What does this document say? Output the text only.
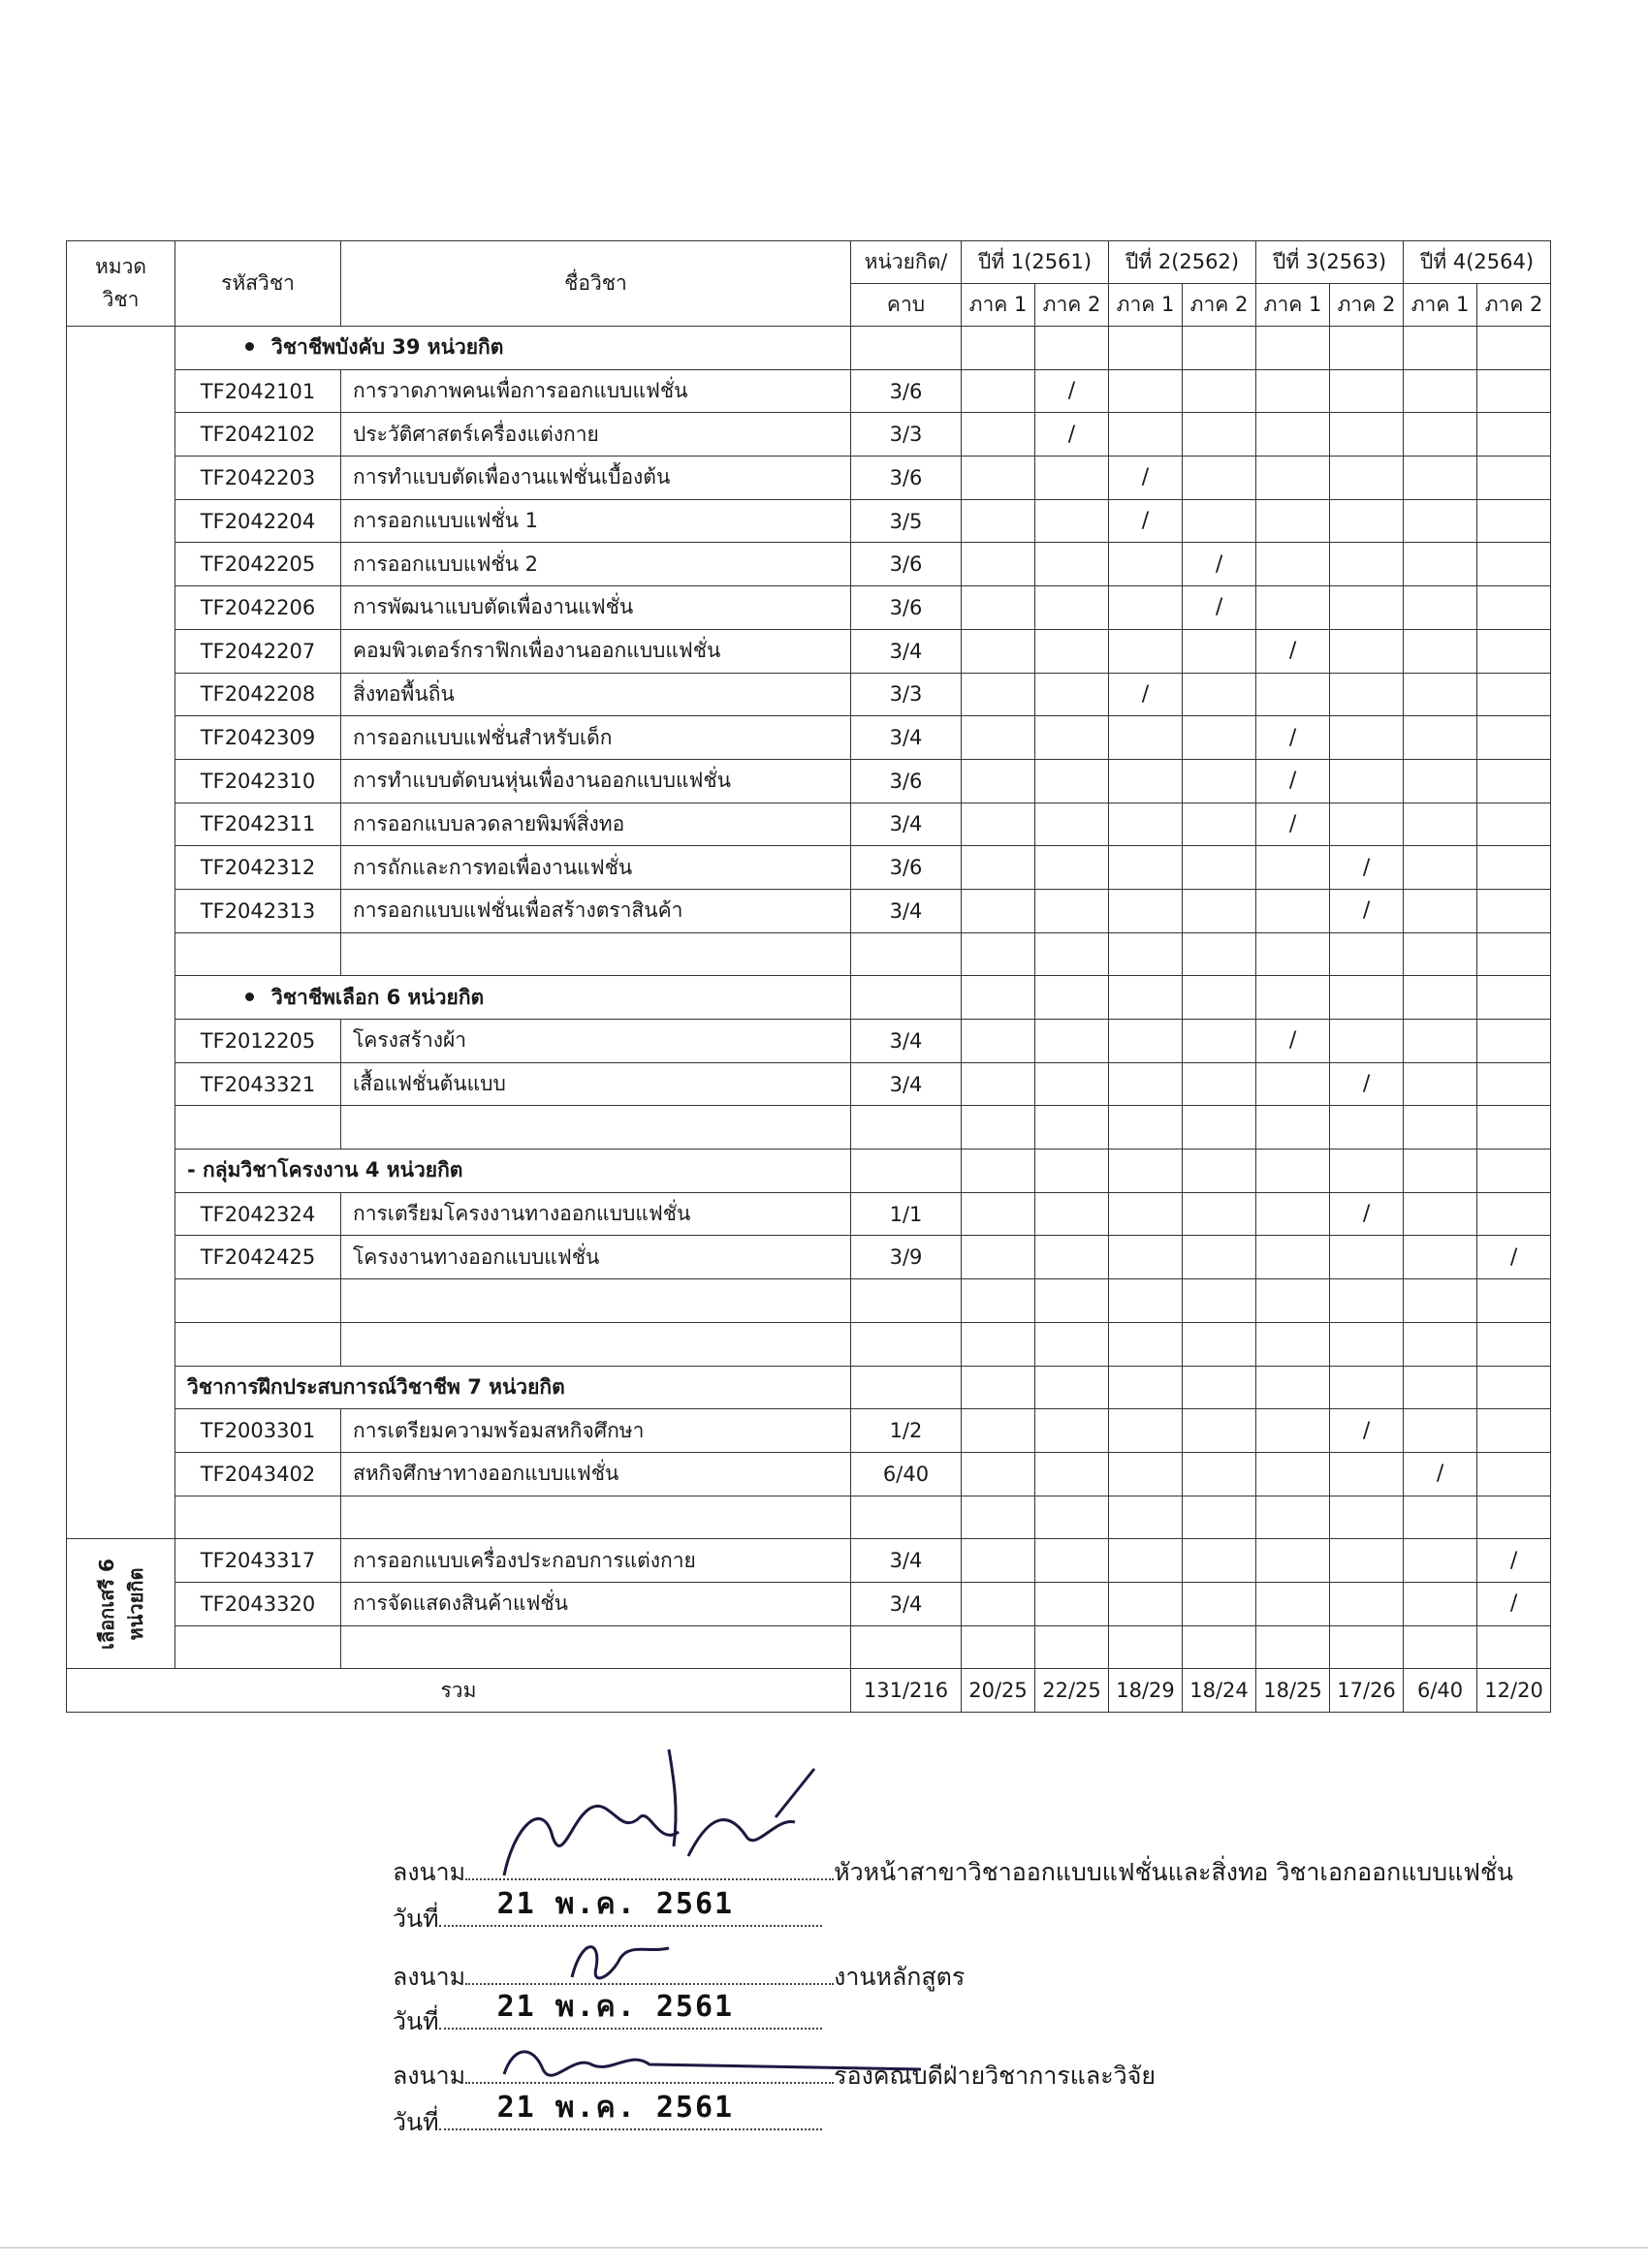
หมวด
วิชา	รหัสวิชา	ชื่อวิชา	หน่วยกิต/	ปีที่ 1(2561)		ปีที่ 2(2562)		ปีที่ 3(2563)		ปีที่ 4(2564)	
			คาบ	ภาค 1	ภาค 2	ภาค 1	ภาค 2	ภาค 1	ภาค 2	ภาค 1	ภาค 2
	วิชาชีพบังคับ 39 หน่วยกิต										
	TF2042101	การวาดภาพคนเพื่อการออกแบบแฟชั่น	3/6		/						
	TF2042102	ประวัติศาสตร์เครื่องแต่งกาย	3/3		/						
	TF2042203	การทำแบบตัดเพื่องานแฟชั่นเบื้องต้น	3/6			/					
	TF2042204	การออกแบบแฟชั่น 1	3/5			/					
	TF2042205	การออกแบบแฟชั่น 2	3/6				/				
	TF2042206	การพัฒนาแบบตัดเพื่องานแฟชั่น	3/6				/				
	TF2042207	คอมพิวเตอร์กราฟิกเพื่องานออกแบบแฟชั่น	3/4					/			
	TF2042208	สิ่งทอพื้นถิ่น	3/3			/					
	TF2042309	การออกแบบแฟชั่นสำหรับเด็ก	3/4					/			
	TF2042310	การทำแบบตัดบนหุ่นเพื่องานออกแบบแฟชั่น	3/6					/			
	TF2042311	การออกแบบลวดลายพิมพ์สิ่งทอ	3/4					/			
	TF2042312	การถักและการทอเพื่องานแฟชั่น	3/6						/		
	TF2042313	การออกแบบแฟชั่นเพื่อสร้างตราสินค้า	3/4						/		

	วิชาชีพเลือก 6 หน่วยกิต										
	TF2012205	โครงสร้างผ้า	3/4					/			
	TF2043321	เสื้อแฟชั่นต้นแบบ	3/4						/		

	- กลุ่มวิชาโครงงาน 4 หน่วยกิต										
	TF2042324	การเตรียมโครงงานทางออกแบบแฟชั่น	1/1						/		
	TF2042425	โครงงานทางออกแบบแฟชั่น	3/9								/

	วิชาการฝึกประสบการณ์วิชาชีพ 7 หน่วยกิต										
	TF2003301	การเตรียมความพร้อมสหกิจศึกษา	1/2						/		
	TF2043402	สหกิจศึกษาทางออกแบบแฟชั่น	6/40							/	

เลือกเสรี 6 หน่วยกิต	TF2043317	การออกแบบเครื่องประกอบการแต่งกาย	3/4								/
	TF2043320	การจัดแสดงสินค้าแฟชั่น	3/4								/

รวม			131/216	20/25	22/25	18/29	18/24	18/25	17/26	6/40	12/20
ลงนาม	หัวหน้าสาขาวิชาออกแบบแฟชั่นและสิ่งทอ วิชาเอกออกแบบแฟชั่น
วันที่ 21 พ.ค. 2561
ลงนาม	งานหลักสูตร
วันที่ 21 พ.ค. 2561
ลงนาม	รองคณบดีฝ่ายวิชาการและวิจัย
วันที่ 21 พ.ค. 2561
